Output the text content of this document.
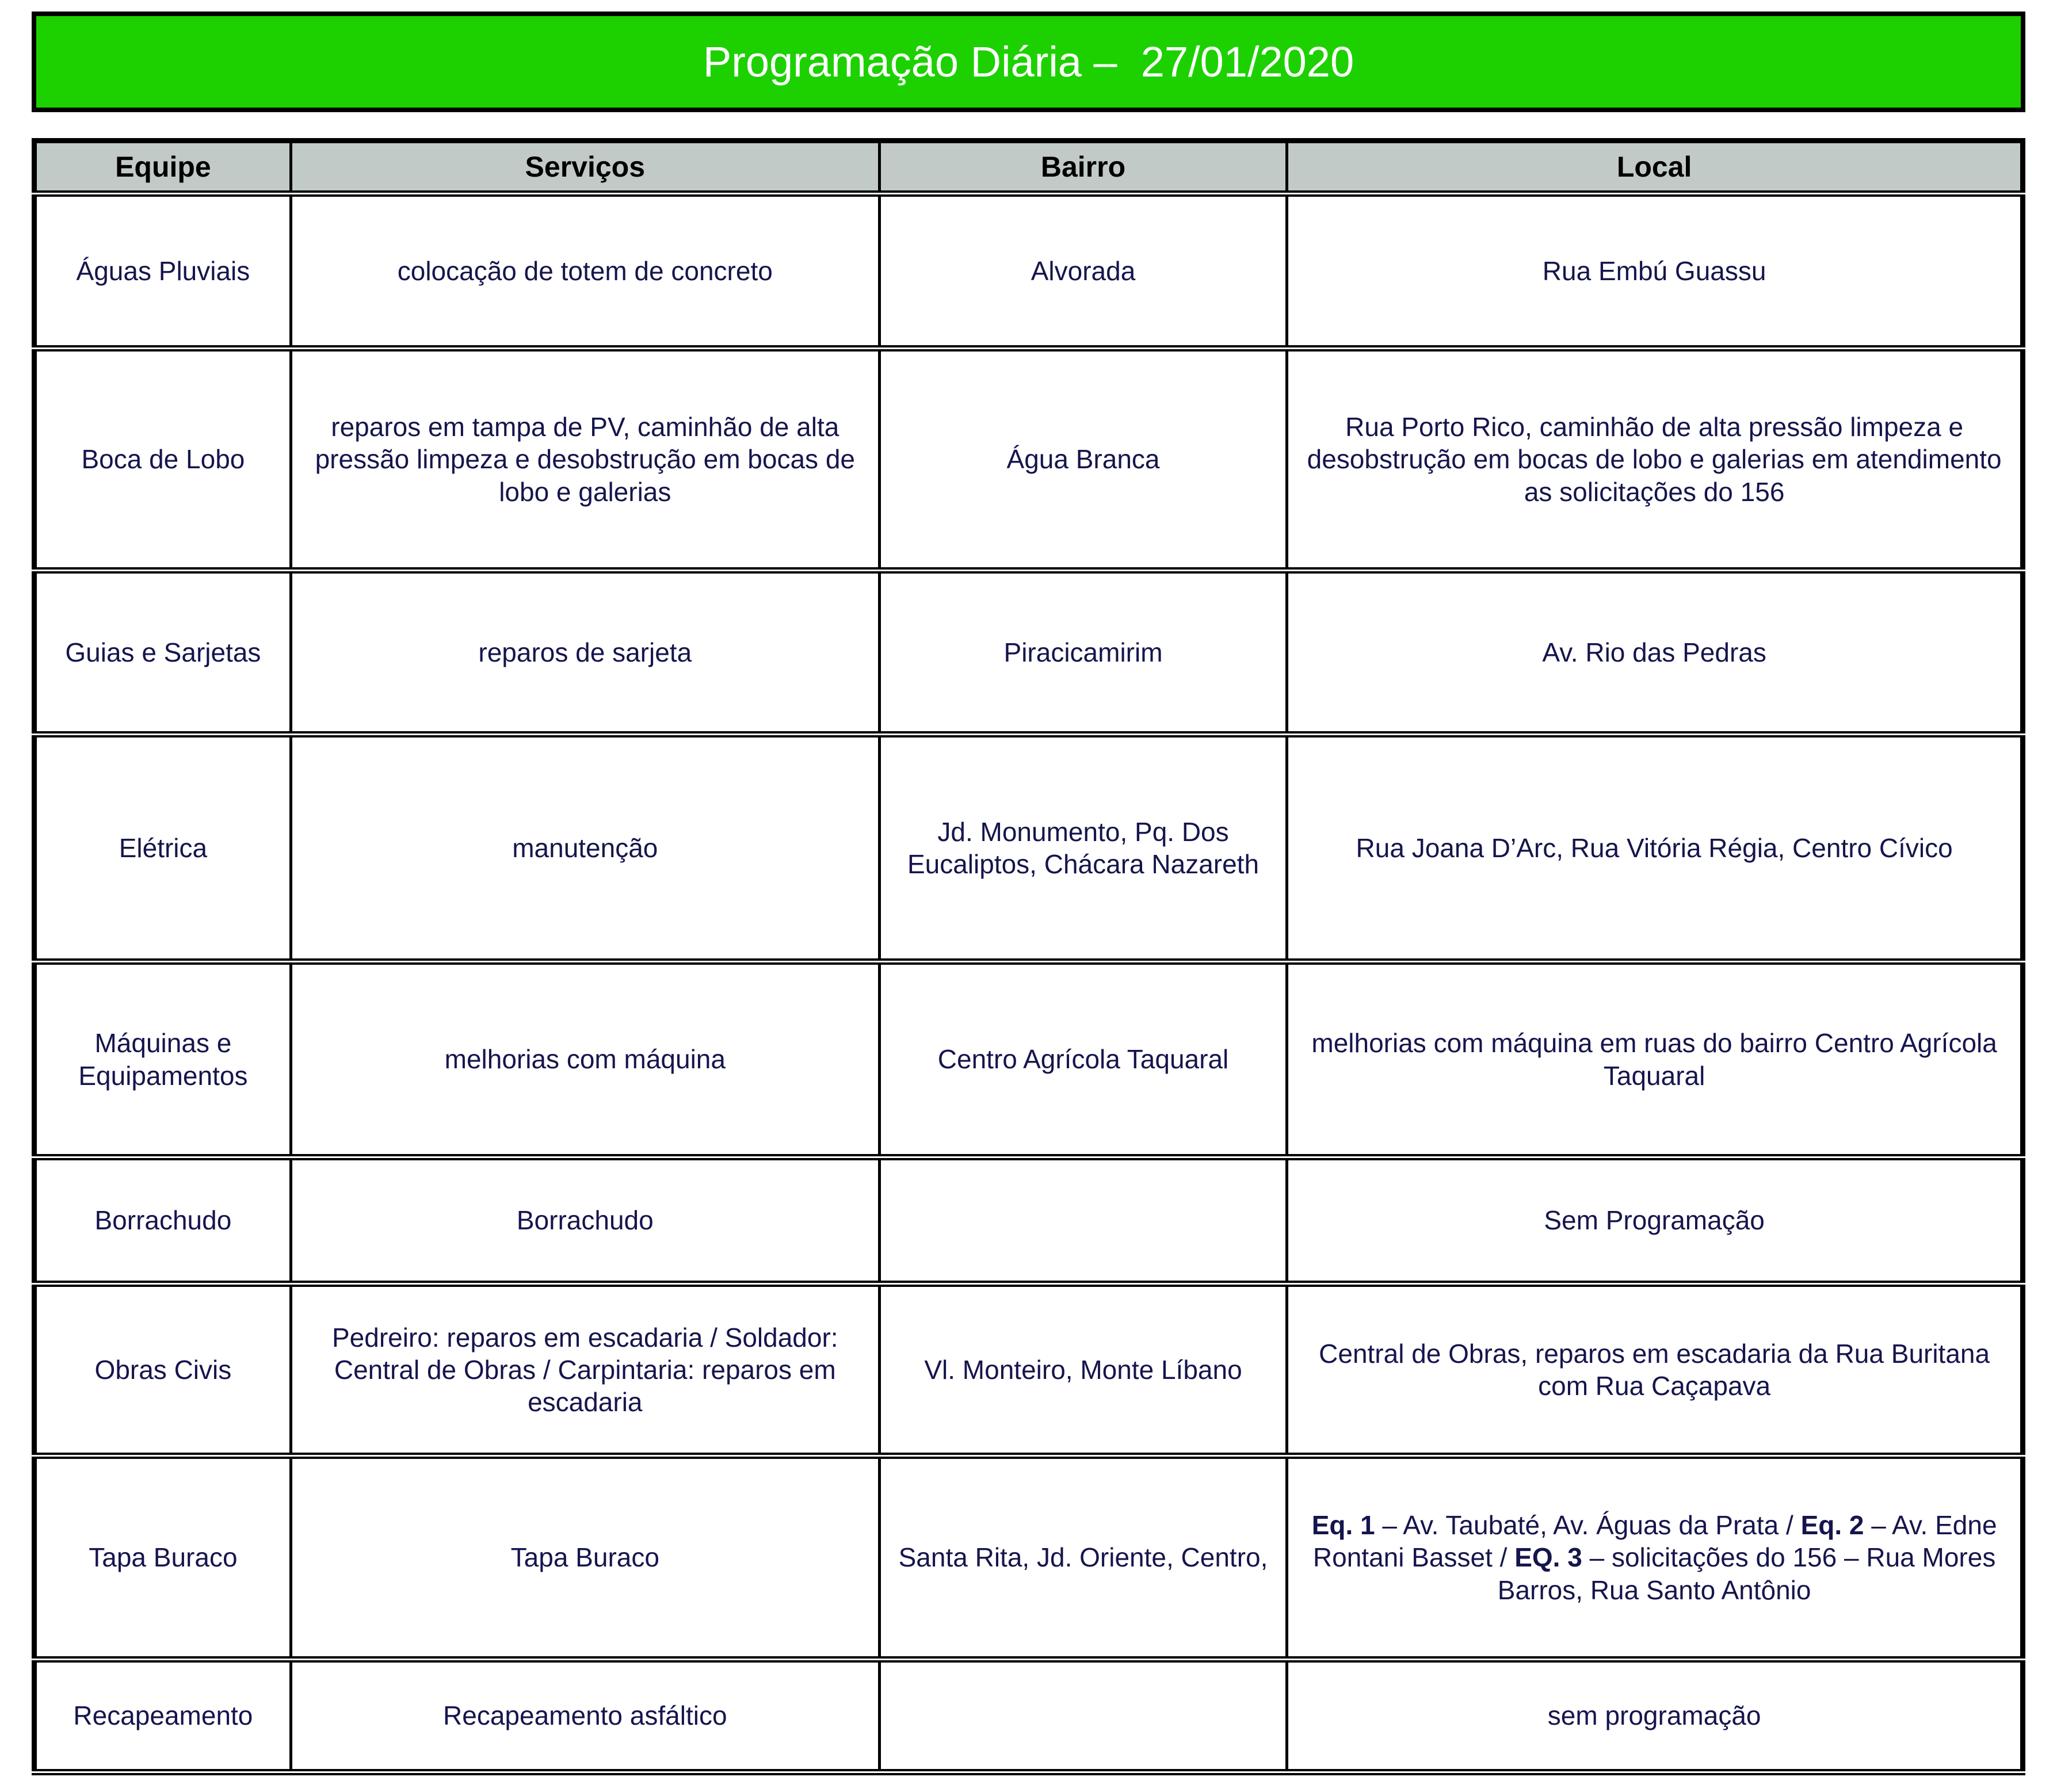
Programação Diária –  27/01/2020
Equipe	Serviços	Bairro	Local
Águas Pluviais	colocação de totem de concreto	Alvorada	Rua Embú Guassu
Boca de Lobo	reparos em tampa de PV, caminhão de alta pressão limpeza e desobstrução em bocas de lobo e galerias	Água Branca	Rua Porto Rico, caminhão de alta pressão limpeza e desobstrução em bocas de lobo e galerias em atendimento as solicitações do 156
Guias e Sarjetas	reparos de sarjeta	Piracicamirim	Av. Rio das Pedras
Elétrica	manutenção	Jd. Monumento, Pq. Dos Eucaliptos, Chácara Nazareth	Rua Joana D’Arc, Rua Vitória Régia, Centro Cívico
Máquinas e Equipamentos	melhorias com máquina	Centro Agrícola Taquaral	melhorias com máquina em ruas do bairro Centro Agrícola Taquaral
Borrachudo	Borrachudo		Sem Programação
Obras Civis	Pedreiro: reparos em escadaria / Soldador: Central de Obras / Carpintaria: reparos em escadaria	Vl. Monteiro, Monte Líbano	Central de Obras, reparos em escadaria da Rua Buritana com Rua Caçapava
Tapa Buraco	Tapa Buraco	Santa Rita, Jd. Oriente, Centro,	Eq. 1 – Av. Taubaté, Av. Águas da Prata / Eq. 2 – Av. Edne Rontani Basset / EQ. 3 – solicitações do 156 – Rua Mores Barros, Rua Santo Antônio
Recapeamento	Recapeamento asfáltico		sem programação
